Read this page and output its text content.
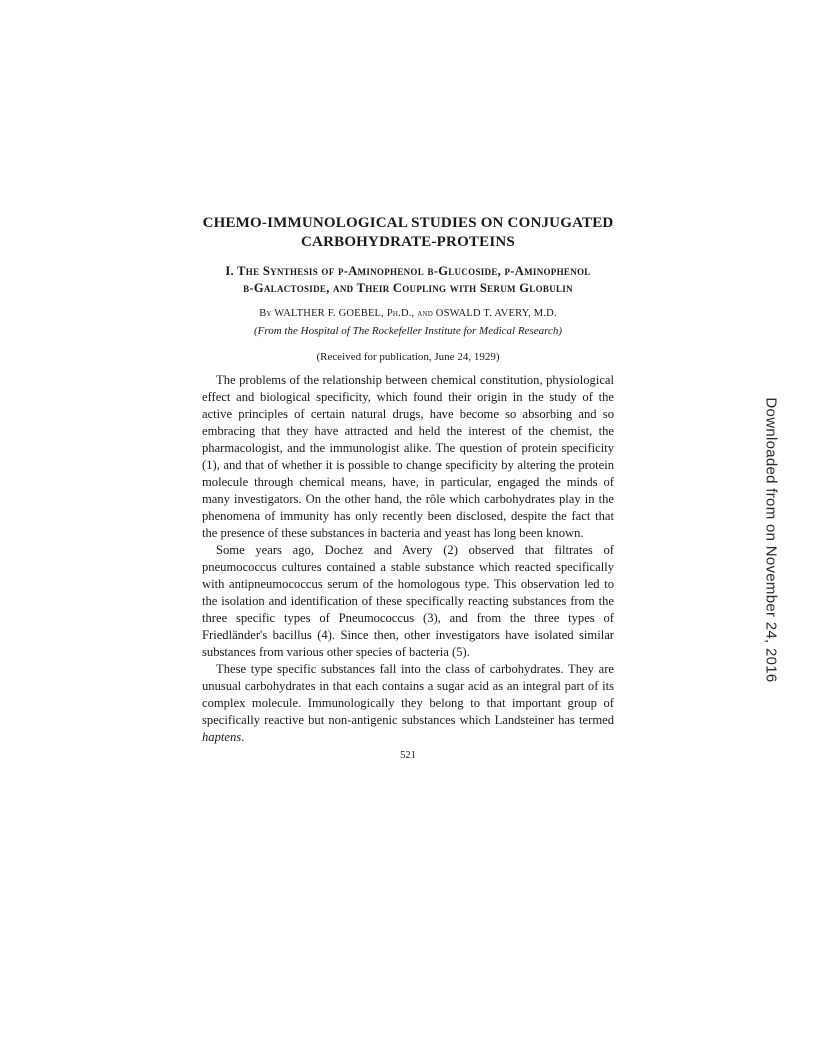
CHEMO-IMMUNOLOGICAL STUDIES ON CONJUGATED
CARBOHYDRATE-PROTEINS
I. The Synthesis of p-Aminophenol β-Glucoside, p-Aminophenol
β-Galactoside, and Their Coupling with Serum Globulin

By WALTHER F. GOEBEL, Ph.D., and OSWALD T. AVERY, M.D.

(From the Hospital of The Rockefeller Institute for Medical Research)

(Received for publication, June 24, 1929)

The problems of the relationship between chemical constitution, physiological effect and biological specificity, which found their origin in the study of the active principles of certain natural drugs, have become so absorbing and so embracing that they have attracted and held the interest of the chemist, the pharmacologist, and the immunologist alike. The question of protein specificity (1), and that of whether it is possible to change specificity by altering the protein molecule through chemical means, have, in particular, engaged the minds of many investigators. On the other hand, the rôle which carbohydrates play in the phenomena of immunity has only recently been disclosed, despite the fact that the presence of these substances in bacteria and yeast has long been known.

Some years ago, Dochez and Avery (2) observed that filtrates of pneumococcus cultures contained a stable substance which reacted specifically with antipneumococcus serum of the homologous type. This observation led to the isolation and identification of these specifically reacting substances from the three specific types of Pneumococcus (3), and from the three types of Friedländer's bacillus (4). Since then, other investigators have isolated similar substances from various other species of bacteria (5).

These type specific substances fall into the class of carbohydrates. They are unusual carbohydrates in that each contains a sugar acid as an integral part of its complex molecule. Immunologically they belong to that important group of specifically reactive but non-antigenic substances which Landsteiner has termed haptens.

521
Downloaded from on November 24, 2016
